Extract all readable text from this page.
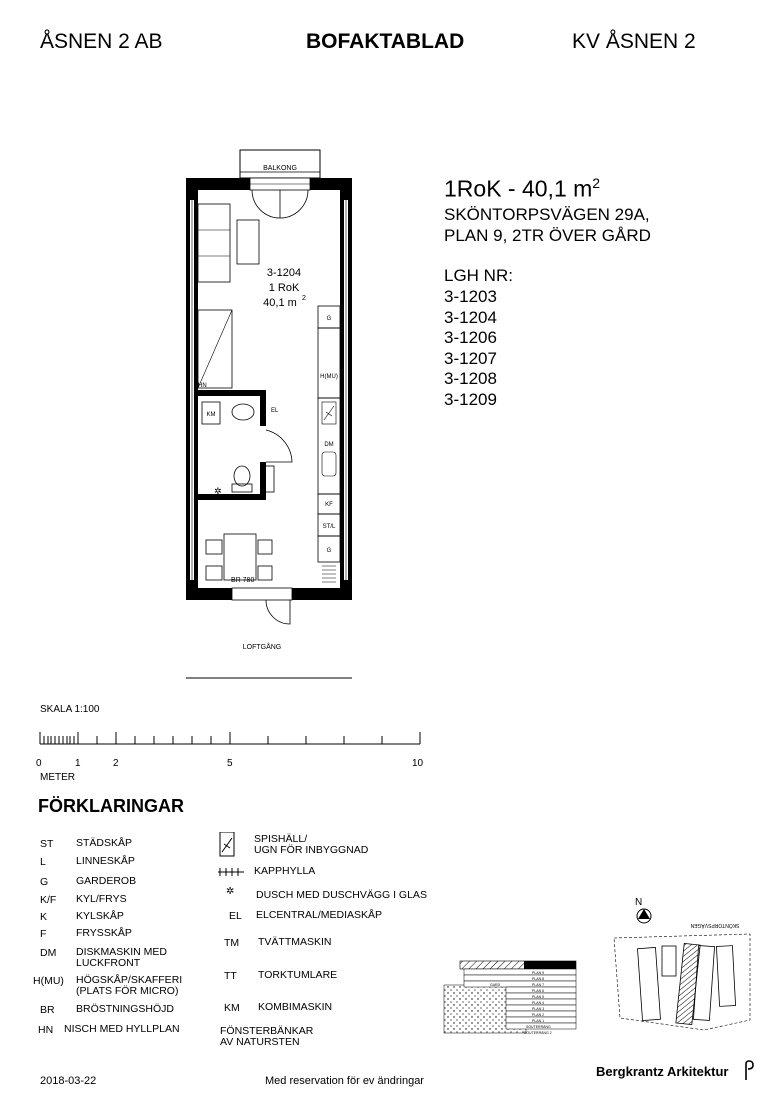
ÅSNEN 2 AB	BOFAKTABLAD	KV ÅSNEN 2
1RoK - 40,1 $m^2$
SKÖNTORPSVÄGEN 29A,
PLAN 9, 2TR ÖVER GÅRD
LGH NR:
3-1203
3-1204
3-1206
3-1207
3-1208
3-1209
BALKONG
3-1204
1 RoK
40,1 m 2
G
H(MU)
DM
KF
ST/L
G
HN
KM
EL
✲
BR 780
LOFTGÅNG
SKALA 1:100
0	1	2	5	10
METER
FÖRKLARINGAR
ST	STÄDSKÅP
L	LINNESKÅP
G	GARDEROB
K/F	KYL/FRYS
K	KYLSKÅP
F	FRYSSKÅP
DM	DISKMASKIN MED
LUCKFRONT
H(MU)	HÖGSKÅP/SKAFFERI
(PLATS FÖR MICRO)
BR	BRÖSTNINGSHÖJD
HN	NISCH MED HYLLPLAN
SPISHÄLL/
UGN FÖR INBYGGNAD
KAPPHYLLA
✲ DUSCH MED DUSCHVÄGG I GLAS
EL	ELCENTRAL/MEDIASKÅP
TM	TVÄTTMASKIN
TT	TORKTUMLARE
KM	KOMBIMASKIN
FÖNSTERBÄNKAR
AV NATURSTEN
PLAN 9
PLAN 8
GARD	PLAN 7
PLAN 6
PLAN 5
PLAN 4
PLAN 3
PLAN 2
PLAN 1
SOUTERRÄNG
SOUTERRÄNG 2
N
SKÖNTORPSVÄGEN
2018-03-22	Med reservation för ev ändringar
Bergkrantz Arkitektur
